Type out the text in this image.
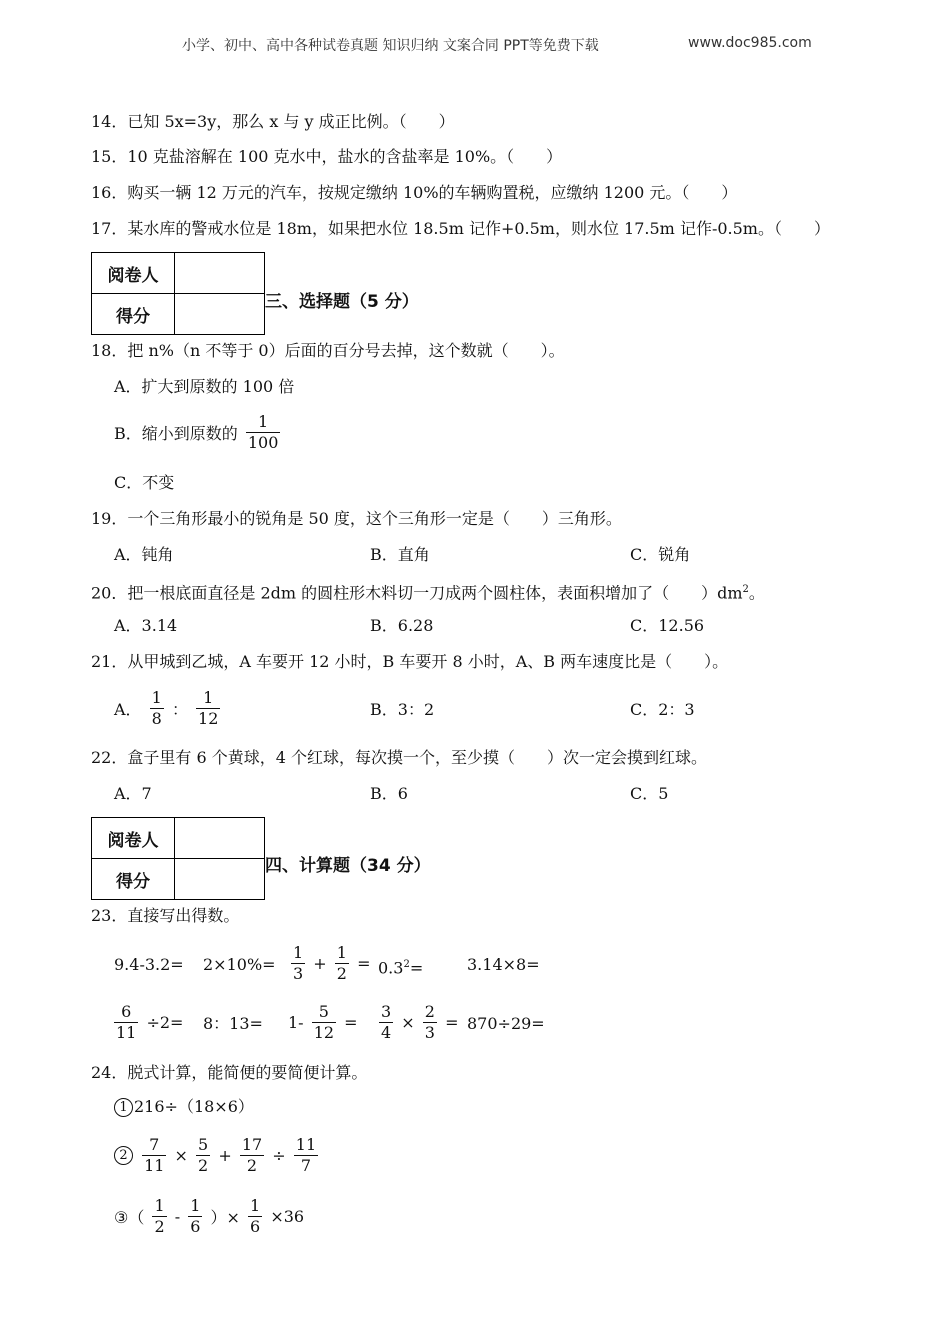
小学、初中、高中各种试卷真题 知识归纳 文案合同 PPT等免费下载	www.doc985.com
14．已知 5x=3y，那么 x 与 y 成正比例。（　　）
15．10 克盐溶解在 100 克水中，盐水的含盐率是 10%。（　　）
16．购买一辆 12 万元的汽车，按规定缴纳 10%的车辆购置税，应缴纳 1200 元。（　　）
17．某水库的警戒水位是 18m，如果把水位 18.5m 记作+0.5m，则水位 17.5m 记作-0.5m。（　　）
阅卷人	
得分	
三、选择题（5 分）
18．把 n%（n 不等于 0）后面的百分号去掉，这个数就（　　）。
A．扩大到原数的 100 倍
B．缩小到原数的 $\frac{1}{100}$
C．不变
19．一个三角形最小的锐角是 50 度，这个三角形一定是（　　）三角形。
A．钝角	B．直角	C．锐角
20．把一根底面直径是 2dm 的圆柱形木料切一刀成两个圆柱体，表面积增加了（　　）$dm^2$。
A．3.14	B．6.28	C．12.56
21．从甲城到乙城，A 车要开 12 小时，B 车要开 8 小时，A、B 两车速度比是（　　）。
A． $\frac{1}{8}$ ： $\frac{1}{12}$	B．3：2	C．2：3
22．盒子里有 6 个黄球，4 个红球，每次摸一个，至少摸（　　）次一定会摸到红球。
A．7	B．6	C．5
阅卷人	
得分	
四、计算题（34 分）
23．直接写出得数。
$9.4-3.2= 2\times 10\%= \frac{1}{3} + \frac{1}{2} = 0.3^2=$	3.14×8=
$\frac{6}{11} \div 2= 8$：$13= 1- \frac{5}{12} = \frac{3}{4} \times \frac{2}{3} = 870\div 29=$
24．脱式计算，能简便的要简便计算。
1 216÷（18×6）
$2 \frac{7}{11} \times \frac{5}{2} + \frac{17}{2} \div \frac{11}{7}$
③（ $\frac{1}{2} - \frac{1}{6}$ ）× $\frac{1}{6} \times 36$
